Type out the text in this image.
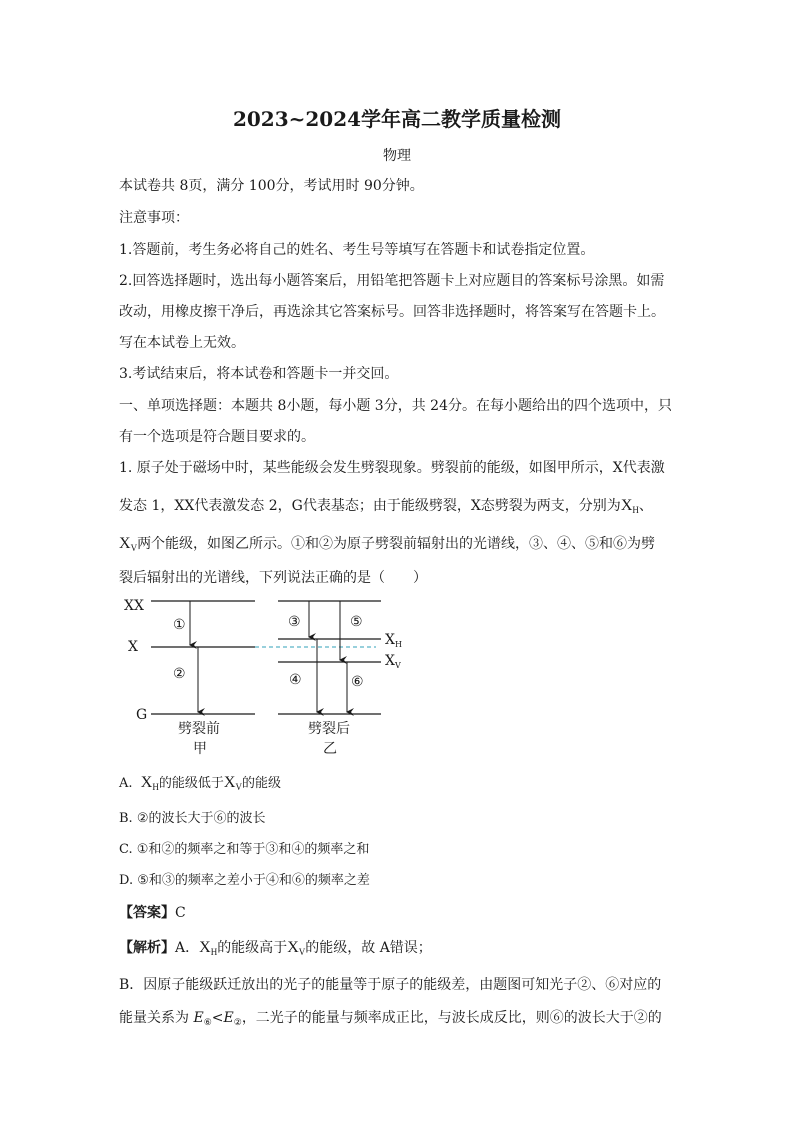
2023~2024学年高二教学质量检测
物理
本试卷共 8页，满分 100分，考试用时 90分钟。
注意事项：
1.答题前，考生务必将自己的姓名、考生号等填写在答题卡和试卷指定位置。
2.回答选择题时，选出每小题答案后，用铅笔把答题卡上对应题目的答案标号涂黑。如需
改动，用橡皮擦干净后，再选涂其它答案标号。回答非选择题时，将答案写在答题卡上。
写在本试卷上无效。
3.考试结束后，将本试卷和答题卡一并交回。
一、单项选择题：本题共 8小题，每小题 3分，共 24分。在每小题给出的四个选项中，只
有一个选项是符合题目要求的。
1. 原子处于磁场中时，某些能级会发生劈裂现象。劈裂前的能级，如图甲所示，X代表激
发态 1，XX代表激发态 2，G代表基态；由于能级劈裂，X态劈裂为两支，分别为$X_H$、
$X_V$两个能级，如图乙所示。①和②为原子劈裂前辐射出的光谱线，③、④、⑤和⑥为劈
裂后辐射出的光谱线，下列说法正确的是（　　）
XX
X
G
①
②
劈裂前
甲
③	⑤
④	⑥
$X_H$
$X_V$
劈裂后
乙
A. $X_H$的能级低于$X_V$的能级
B. ②的波长大于⑥的波长
C. ①和②的频率之和等于③和④的频率之和
D. ⑤和③的频率之差小于④和⑥的频率之差
【答案】C
【解析】A．$X_H$的能级高于$X_V$的能级，故 A错误；
B．因原子能级跃迁放出的光子的能量等于原子的能级差，由题图可知光子②、⑥对应的
能量关系为 $E_⑥<E_②$，二光子的能量与频率成正比，与波长成反比，则⑥的波长大于②的
